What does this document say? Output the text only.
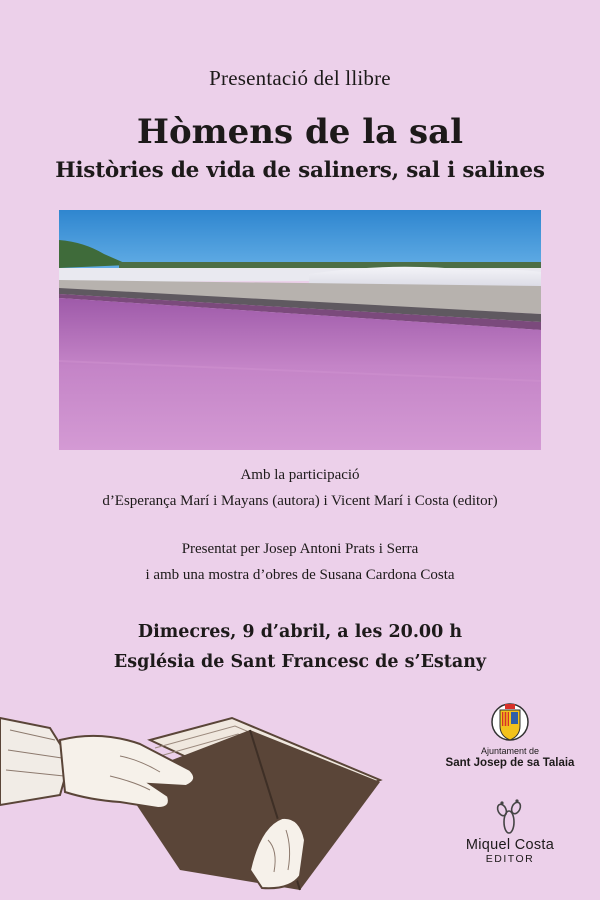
Presentació del llibre
Hòmens de la sal
Històries de vida de saliners, sal i salines
Amb la participació
d’Esperança Marí i Mayans (autora) i Vicent Marí i Costa (editor)
Presentat per Josep Antoni Prats i Serra
i amb una mostra d’obres de Susana Cardona Costa
Dimecres, 9 d’abril, a les 20.00 h
Església de Sant Francesc de s’Estany
Ajuntament de
Sant Josep de sa Talaia
Miquel Costa
EDITOR
